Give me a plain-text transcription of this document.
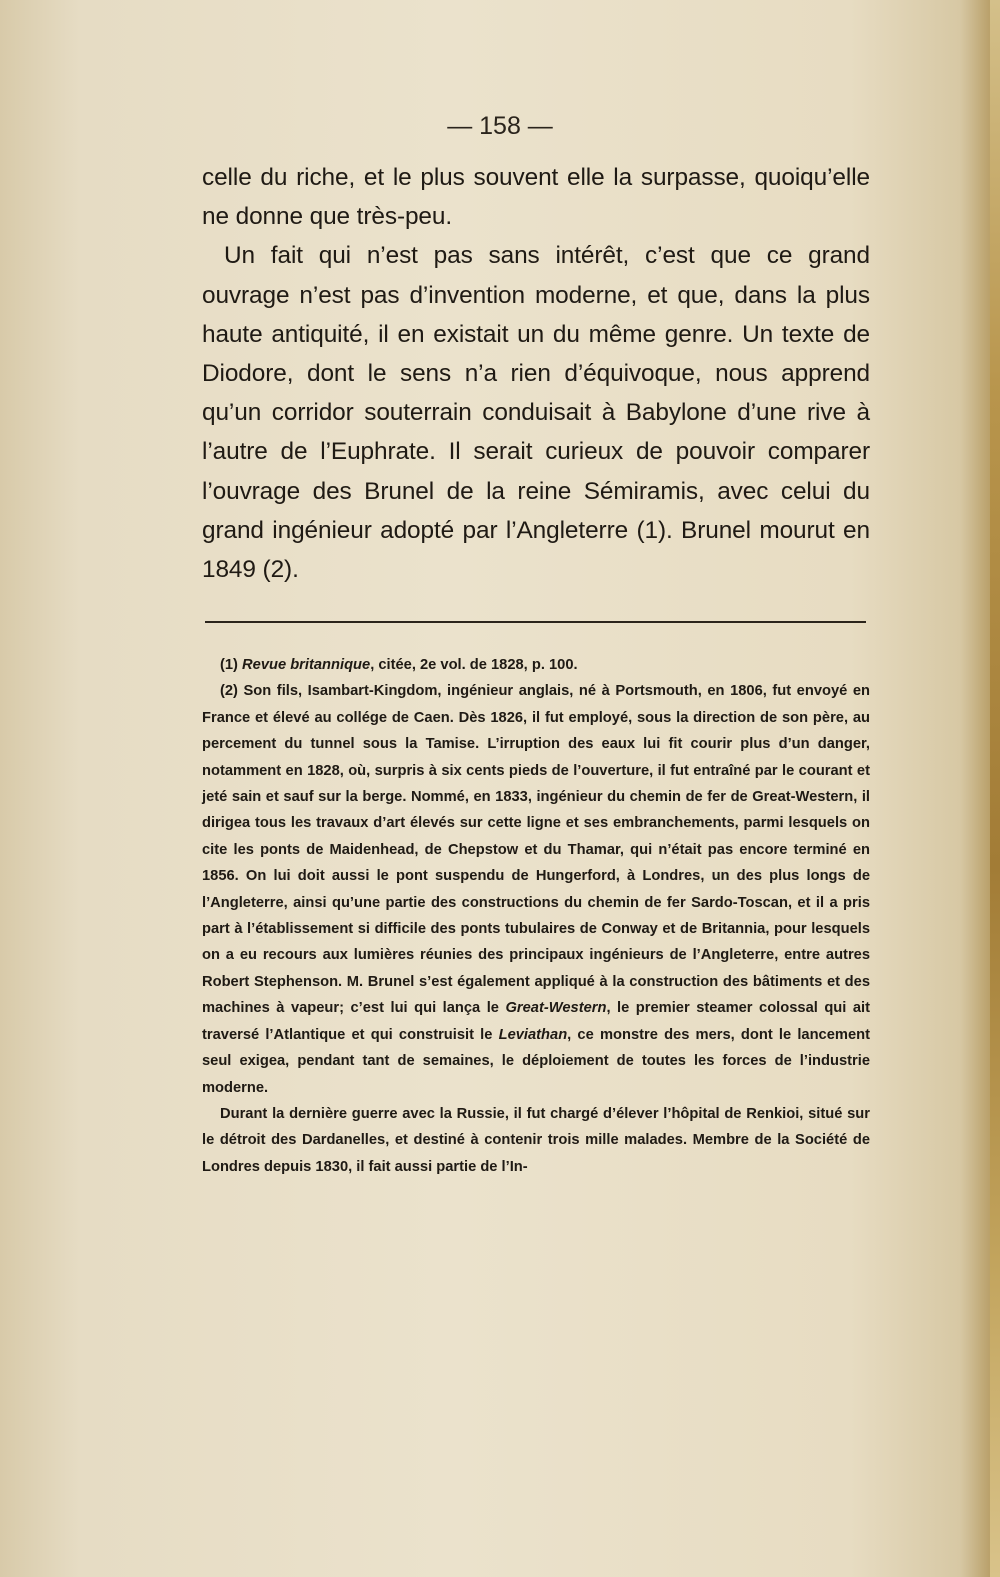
— 158 —

celle du riche, et le plus souvent elle la surpasse, quoiqu’elle ne donne que très-peu.

Un fait qui n’est pas sans intérêt, c’est que ce grand ouvrage n’est pas d’invention moderne, et que, dans la plus haute antiquité, il en existait un du même genre. Un texte de Diodore, dont le sens n’a rien d’équivoque, nous apprend qu’un corridor souterrain conduisait à Babylone d’une rive à l’autre de l’Euphrate. Il serait curieux de pouvoir comparer l’ouvrage des Brunel de la reine Sémiramis, avec celui du grand ingénieur adopté par l’Angleterre (1). Brunel mourut en 1849 (2).

(1) Revue britannique, citée, 2e vol. de 1828, p. 100.

(2) Son fils, Isambart-Kingdom, ingénieur anglais, né à Portsmouth, en 1806, fut envoyé en France et élevé au collége de Caen. Dès 1826, il fut employé, sous la direction de son père, au percement du tunnel sous la Tamise. L’irruption des eaux lui fit courir plus d’un danger, notamment en 1828, où, surpris à six cents pieds de l’ouverture, il fut entraîné par le courant et jeté sain et sauf sur la berge. Nommé, en 1833, ingénieur du chemin de fer de Great-Western, il dirigea tous les travaux d’art élevés sur cette ligne et ses embranchements, parmi lesquels on cite les ponts de Maidenhead, de Chepstow et du Thamar, qui n’était pas encore terminé en 1856. On lui doit aussi le pont suspendu de Hungerford, à Londres, un des plus longs de l’Angleterre, ainsi qu’une partie des constructions du chemin de fer Sardo-Toscan, et il a pris part à l’établissement si difficile des ponts tubulaires de Conway et de Britannia, pour lesquels on a eu recours aux lumières réunies des principaux ingénieurs de l’Angleterre, entre autres Robert Stephenson. M. Brunel s’est également appliqué à la construction des bâtiments et des machines à vapeur; c’est lui qui lança le Great-Western, le premier steamer colossal qui ait traversé l’Atlantique et qui construisit le Leviathan, ce monstre des mers, dont le lancement seul exigea, pendant tant de semaines, le déploiement de toutes les forces de l’industrie moderne.

Durant la dernière guerre avec la Russie, il fut chargé d’élever l’hôpital de Renkioi, situé sur le détroit des Dardanelles, et destiné à contenir trois mille malades. Membre de la Société de Londres depuis 1830, il fait aussi partie de l’In-
